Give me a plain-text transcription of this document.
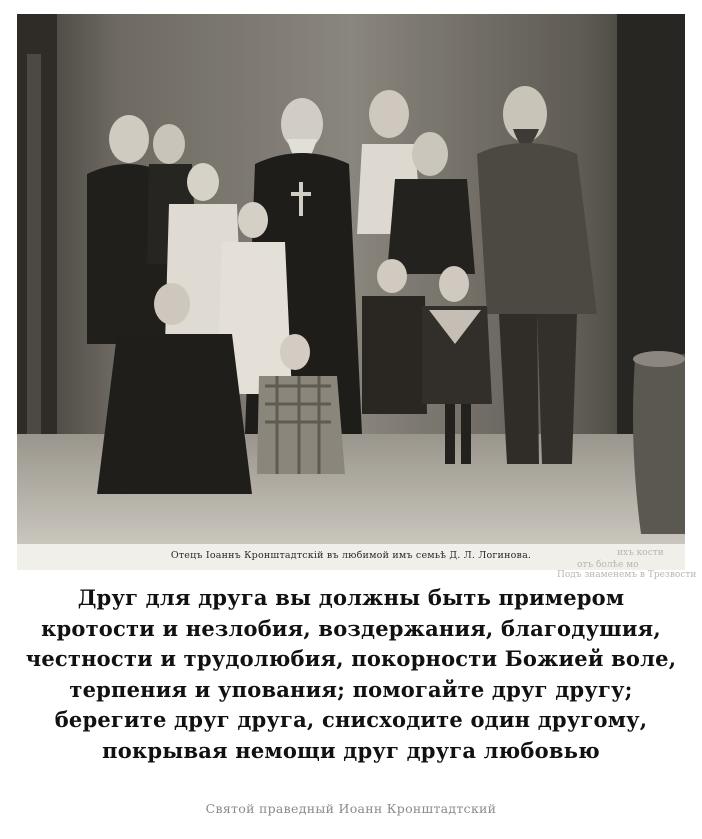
ихъ кости
отъ болѣе мо
Подъ знаменемъ в Трезвости
Отецъ Іоаннъ Кронштадтскій въ любимой имъ семьѣ Д. Л. Логинова.
Друг для друга вы должны быть примером
кротости и незлобия, воздержания, благодушия,
честности и трудолюбия, покорности Божией воле,
терпения и упования; помогайте друг другу;
берегите друг друга, снисходите один другому,
покрывая немощи друг друга любовью
Святой праведный Иоанн Кронштадтский
